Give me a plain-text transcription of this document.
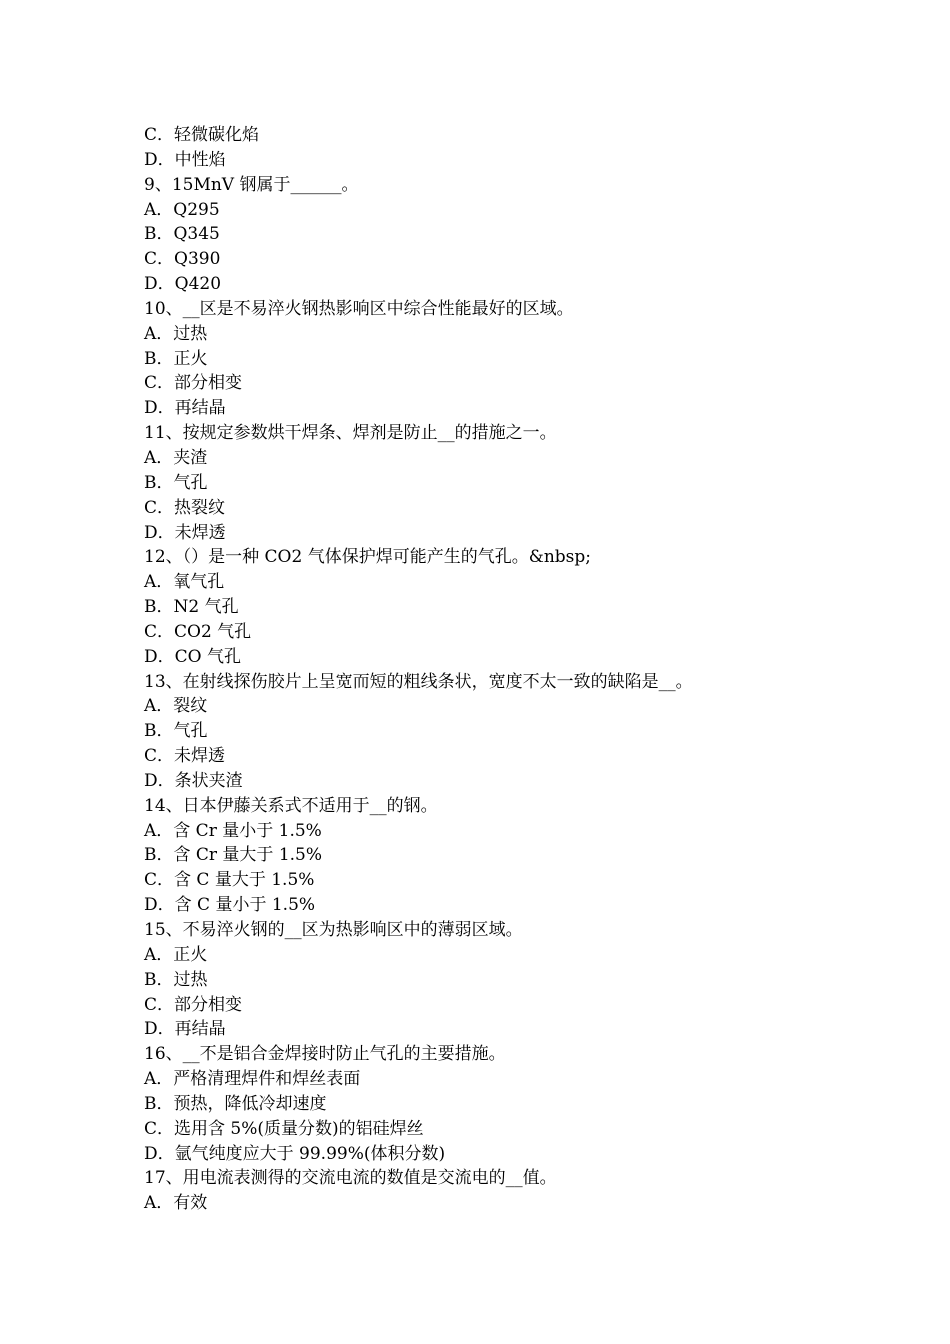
C．轻微碳化焰
D．中性焰
9、15MnV 钢属于______。
A．Q295
B．Q345
C．Q390
D．Q420
10、__区是不易淬火钢热影响区中综合性能最好的区域。
A．过热
B．正火
C．部分相变
D．再结晶
11、按规定参数烘干焊条、焊剂是防止__的措施之一。
A．夹渣
B．气孔
C．热裂纹
D．未焊透
12、（）是一种 CO2 气体保护焊可能产生的气孔。&nbsp;
A．氧气孔
B．N2 气孔
C．CO2 气孔
D．CO 气孔
13、在射线探伤胶片上呈宽而短的粗线条状，宽度不太一致的缺陷是__。
A．裂纹
B．气孔
C．未焊透
D．条状夹渣
14、日本伊藤关系式不适用于__的钢。
A．含 Cr 量小于 1.5%
B．含 Cr 量大于 1.5%
C．含 C 量大于 1.5%
D．含 C 量小于 1.5%
15、不易淬火钢的__区为热影响区中的薄弱区域。
A．正火
B．过热
C．部分相变
D．再结晶
16、__不是铝合金焊接时防止气孔的主要措施。
A．严格清理焊件和焊丝表面
B．预热，降低冷却速度
C．选用含 5%(质量分数)的铝硅焊丝
D．氩气纯度应大于 99.99%(体积分数)
17、用电流表测得的交流电流的数值是交流电的__值。
A．有效
